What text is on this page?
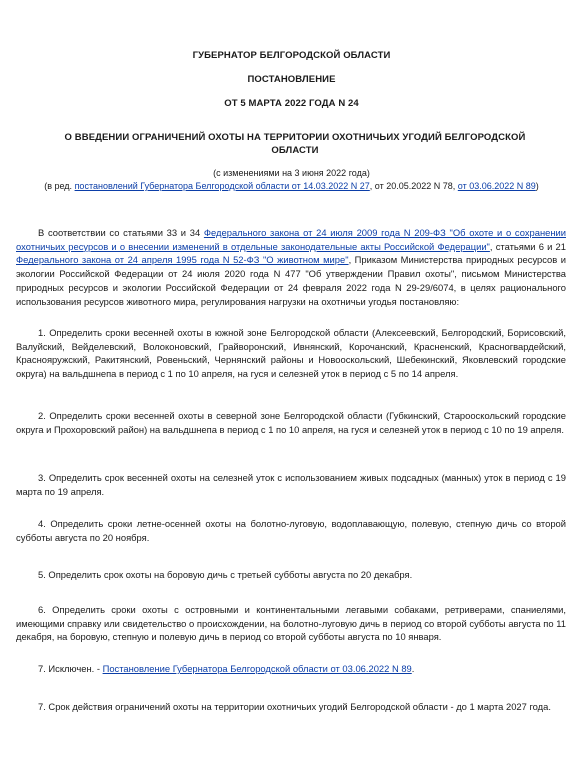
ГУБЕРНАТОР БЕЛГОРОДСКОЙ ОБЛАСТИ
ПОСТАНОВЛЕНИЕ
ОТ 5 МАРТА 2022 ГОДА N 24
О ВВЕДЕНИИ ОГРАНИЧЕНИЙ ОХОТЫ НА ТЕРРИТОРИИ ОХОТНИЧЬИХ УГОДИЙ БЕЛГОРОДСКОЙ ОБЛАСТИ
(с изменениями на 3 июня 2022 года)
(в ред. постановлений Губернатора Белгородской области от 14.03.2022 N 27, от 20.05.2022 N 78, от 03.06.2022 N 89)
В соответствии со статьями 33 и 34 Федерального закона от 24 июля 2009 года N 209-ФЗ "Об охоте и о сохранении охотничьих ресурсов и о внесении изменений в отдельные законодательные акты Российской Федерации", статьями 6 и 21 Федерального закона от 24 апреля 1995 года N 52-ФЗ "О животном мире", Приказом Министерства природных ресурсов и экологии Российской Федерации от 24 июля 2020 года N 477 "Об утверждении Правил охоты", письмом Министерства природных ресурсов и экологии Российской Федерации от 24 февраля 2022 года N 29-29/6074, в целях рационального использования ресурсов животного мира, регулирования нагрузки на охотничьи угодья постановляю:
1. Определить сроки весенней охоты в южной зоне Белгородской области (Алексеевский, Белгородский, Борисовский, Валуйский, Вейделевский, Волоконовский, Грайворонский, Ивнянский, Корочанский, Красненский, Красногвардейский, Краснояружский, Ракитянский, Ровеньский, Чернянский районы и Новооскольский, Шебекинский, Яковлевский городские округа) на вальдшнепа в период с 1 по 10 апреля, на гуся и селезней уток в период с 5 по 14 апреля.
2. Определить сроки весенней охоты в северной зоне Белгородской области (Губкинский, Старооскольский городские округа и Прохоровский район) на вальдшнепа в период с 1 по 10 апреля, на гуся и селезней уток в период с 10 по 19 апреля.
3. Определить срок весенней охоты на селезней уток с использованием живых подсадных (манных) уток в период с 19 марта по 19 апреля.
4. Определить сроки летне-осенней охоты на болотно-луговую, водоплавающую, полевую, степную дичь со второй субботы августа по 20 ноября.
5. Определить срок охоты на боровую дичь с третьей субботы августа по 20 декабря.
6. Определить сроки охоты с островными и континентальными легавыми собаками, ретриверами, спаниелями, имеющими справку или свидетельство о происхождении, на болотно-луговую дичь в период со второй субботы августа по 11 декабря, на боровую, степную и полевую дичь в период со второй субботы августа по 10 января.
7. Исключен. - Постановление Губернатора Белгородской области от 03.06.2022 N 89.
7. Срок действия ограничений охоты на территории охотничьих угодий Белгородской области - до 1 марта 2027 года.
